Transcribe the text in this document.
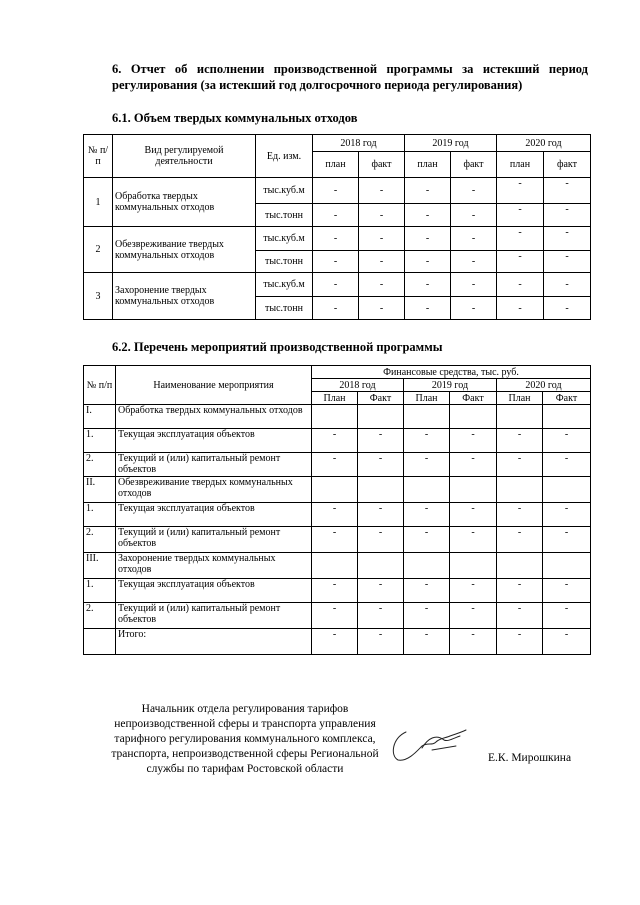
6. Отчет об исполнении производственной программы за истекший период регулирования (за истекший год долгосрочного периода регулирования)
6.1. Объем твердых коммунальных отходов
№ п/п	Вид регулируемой деятельности	Ед. изм.	2018 год		2019 год		2020 год	
			план	факт	план	факт	план	факт
1	Обработка твердых коммунальных отходов	тыс.куб.м	-	-	-	-	-	-
		тыс.тонн	-	-	-	-	-	-
2	Обезвреживание твердых коммунальных отходов	тыс.куб.м	-	-	-	-	-	-
		тыс.тонн	-	-	-	-	-	-
3	Захоронение твердых коммунальных отходов	тыс.куб.м	-	-	-	-	-	-
		тыс.тонн	-	-	-	-	-	-
6.2. Перечень мероприятий производственной программы
№ п/п	Наименование мероприятия	Финансовые средства, тыс. руб.					
		2018 год		2019 год		2020 год	
		План	Факт	План	Факт	План	Факт
I.	Обработка твердых коммунальных отходов						
1.	Текущая эксплуатация объектов	-	-	-	-	-	-
2.	Текущий и (или) капитальный ремонт объектов	-	-	-	-	-	-
II.	Обезвреживание твердых коммунальных отходов						
1.	Текущая эксплуатация объектов	-	-	-	-	-	-
2.	Текущий и (или) капитальный ремонт объектов	-	-	-	-	-	-
III.	Захоронение твердых коммунальных отходов						
1.	Текущая эксплуатация объектов	-	-	-	-	-	-
2.	Текущий и (или) капитальный ремонт объектов	-	-	-	-	-	-
	Итого:	-	-	-	-	-	-
Начальник отдела регулирования тарифов непроизводственной сферы и транспорта управления тарифного регулирования коммунального комплекса, транспорта, непроизводственной сферы Региональной службы по тарифам Ростовской области
Е.К. Мирошкина
